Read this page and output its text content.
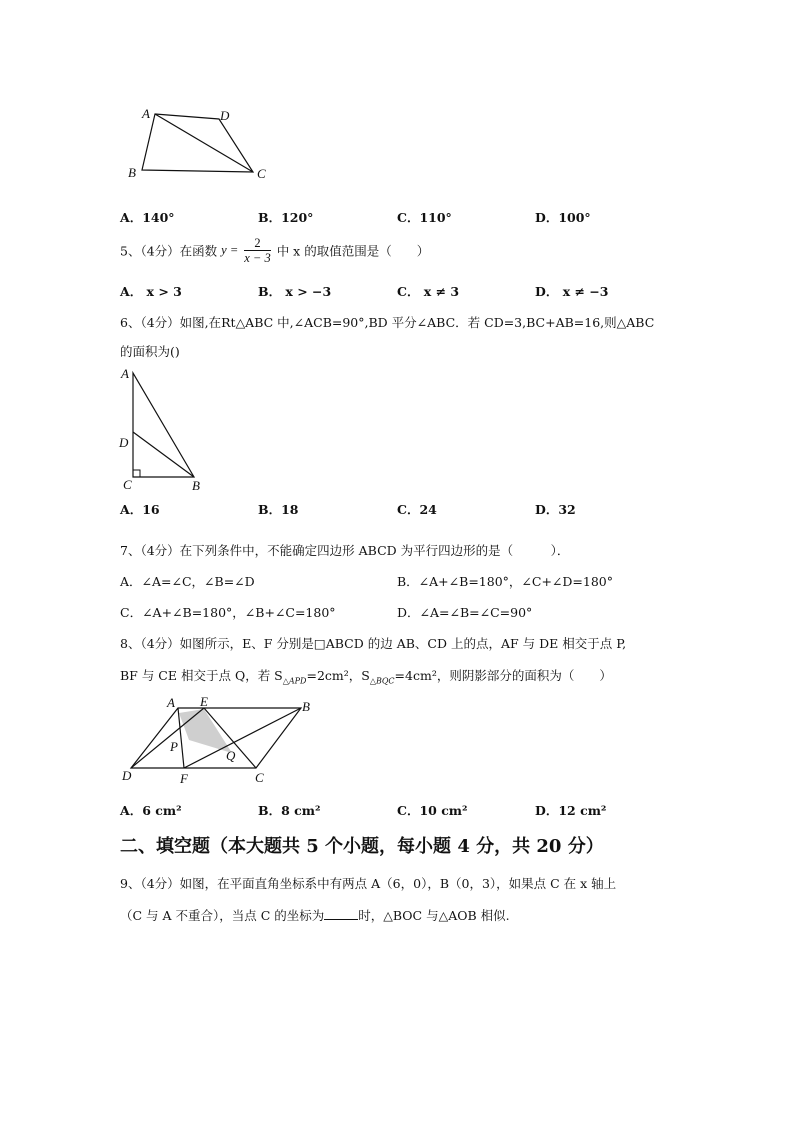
A	D
B	C
A．140°	B．120°	C．110°	D．100°
5、（4分）在函数 $y = \frac{2}{x - 3}$ 中 x 的取值范围是（　　）
A． x > 3	B． x > −3	C． x ≠ 3	D． x ≠ −3
6、（4分）如图,在Rt△ABC 中,∠ACB=90°,BD 平分∠ABC．若 CD=3,BC+AB=16,则△ABC
的面积为()
A
D
C	B
A．16	B．18	C．24	D．32
7、（4分）在下列条件中，不能确定四边形 ABCD 为平行四边形的是（　　　）．
A．∠A=∠C，∠B=∠D	B．∠A+∠B=180°，∠C+∠D=180°
C．∠A+∠B=180°，∠B+∠C=180°	D．∠A=∠B=∠C=90°
8、（4分）如图所示，E、F 分别是□ABCD 的边 AB、CD 上的点，AF 与 DE 相交于点 P,
BF 与 CE 相交于点 Q，若 $S_{\triangle APD}=2cm^2$，$S_{\triangle BQC}=4cm^2$，则阴影部分的面积为（　　）
A E	B
P
Q
D	F	C
A．6 cm²	B．8 cm²	C．10 cm²	D．12 cm²
二、填空题（本大题共 5 个小题，每小题 4 分，共 20 分）
9、（4分）如图，在平面直角坐标系中有两点 A（6，0），B（0，3），如果点 C 在 x 轴上
（C 与 A 不重合），当点 C 的坐标为	时，△BOC 与△AOB 相似.
